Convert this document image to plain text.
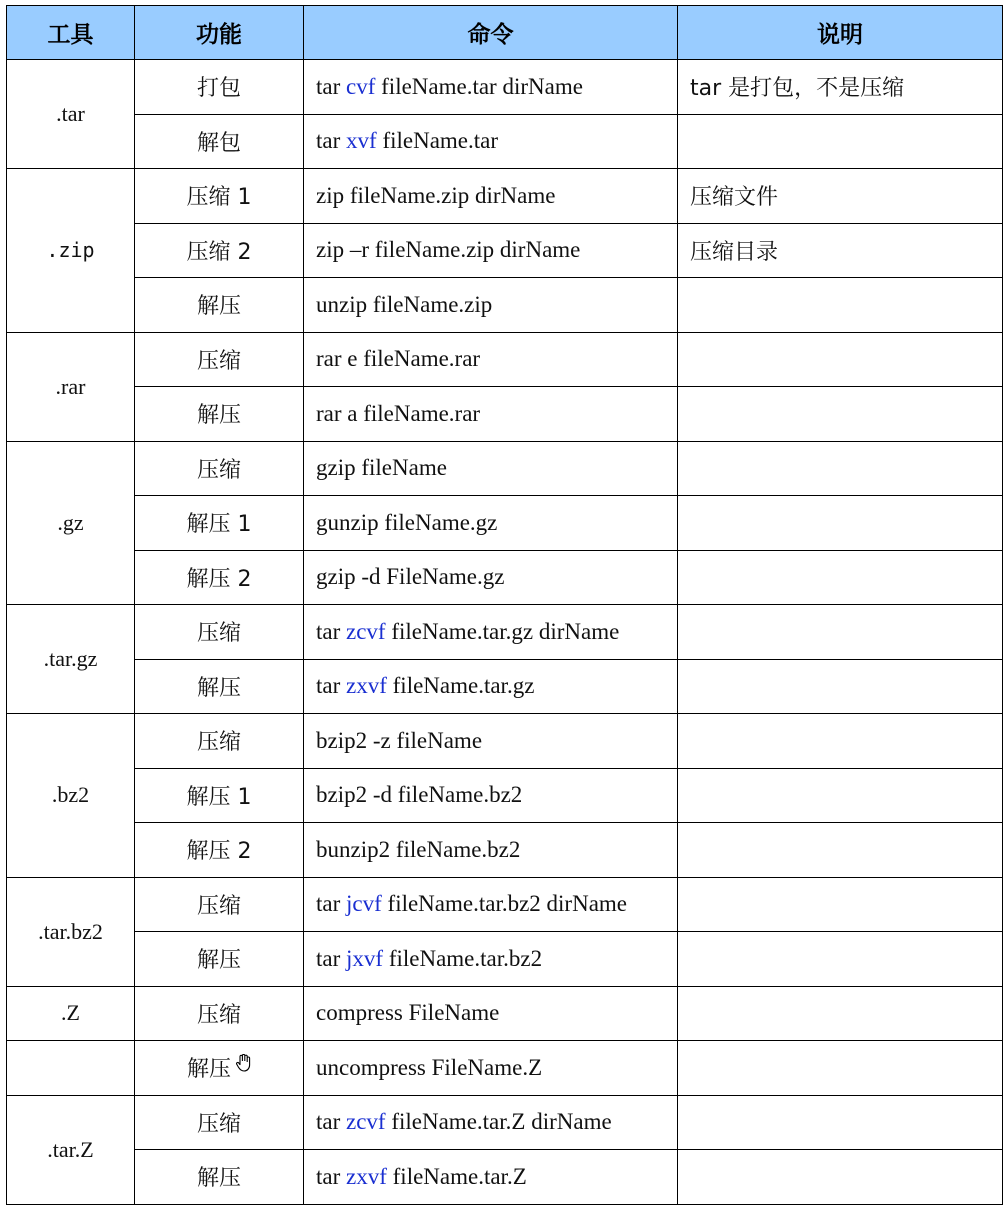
工具	功能	命令	说明
.tar	打包	tar cvf fileName.tar dirName	tar 是打包，不是压缩
	解包	tar xvf fileName.tar	
.zip	压缩 1	zip fileName.zip dirName	压缩文件
	压缩 2	zip –r fileName.zip dirName	压缩目录
	解压	unzip fileName.zip	
.rar	压缩	rar e fileName.rar	
	解压	rar a fileName.rar	
.gz	压缩	gzip fileName	
	解压 1	gunzip fileName.gz	
	解压 2	gzip -d FileName.gz	
.tar.gz	压缩	tar zcvf fileName.tar.gz dirName	
	解压	tar zxvf fileName.tar.gz	
.bz2	压缩	bzip2 -z fileName	
	解压 1	bzip2 -d fileName.bz2	
	解压 2	bunzip2 fileName.bz2	
.tar.bz2	压缩	tar jcvf fileName.tar.bz2 dirName	
	解压	tar jxvf fileName.tar.bz2	
.Z	压缩	compress FileName	
	解压	uncompress FileName.Z	
.tar.Z	压缩	tar zcvf fileName.tar.Z dirName	
	解压	tar zxvf fileName.tar.Z	
